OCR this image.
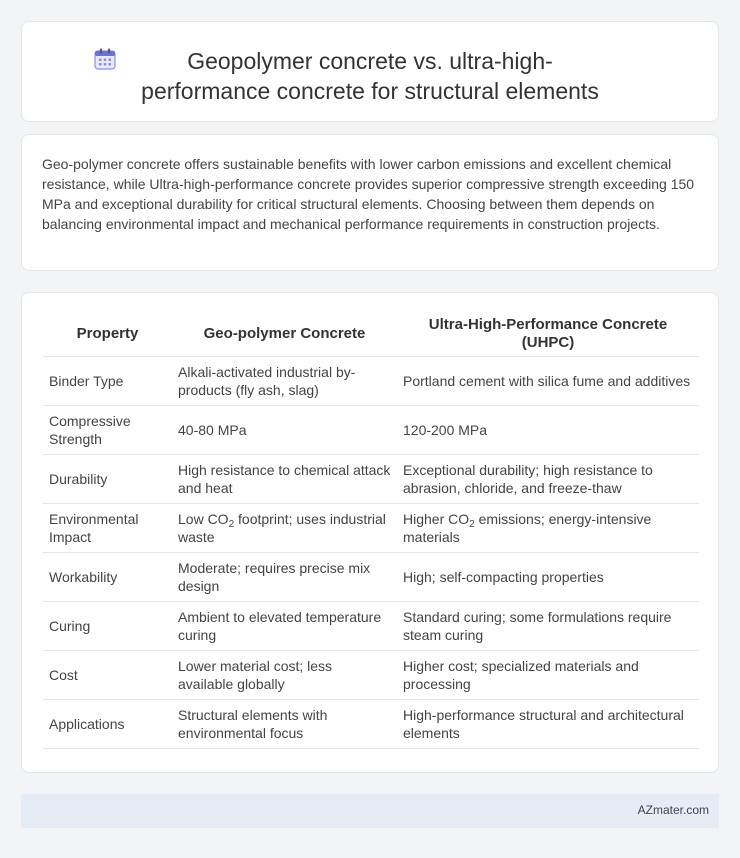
Geopolymer concrete vs. ultra-high-performance concrete for structural elements

Geo-polymer concrete offers sustainable benefits with lower carbon emissions and excellent chemical resistance, while Ultra-high-performance concrete provides superior compressive strength exceeding 150 MPa and exceptional durability for critical structural elements. Choosing between them depends on balancing environmental impact and mechanical performance requirements in construction projects.

Property	Geo-polymer Concrete	Ultra-High-Performance Concrete (UHPC)
Binder Type	Alkali-activated industrial by-products (fly ash, slag)	Portland cement with silica fume and additives
Compressive Strength	40-80 MPa	120-200 MPa
Durability	High resistance to chemical attack and heat	Exceptional durability; high resistance to abrasion, chloride, and freeze-thaw
Environmental Impact	Low $CO_2$ footprint; uses industrial waste	Higher $CO_2$ emissions; energy-intensive materials
Workability	Moderate; requires precise mix design	High; self-compacting properties
Curing	Ambient to elevated temperature curing	Standard curing; some formulations require steam curing
Cost	Lower material cost; less available globally	Higher cost; specialized materials and processing
Applications	Structural elements with environmental focus	High-performance structural and architectural elements
AZmater.com
